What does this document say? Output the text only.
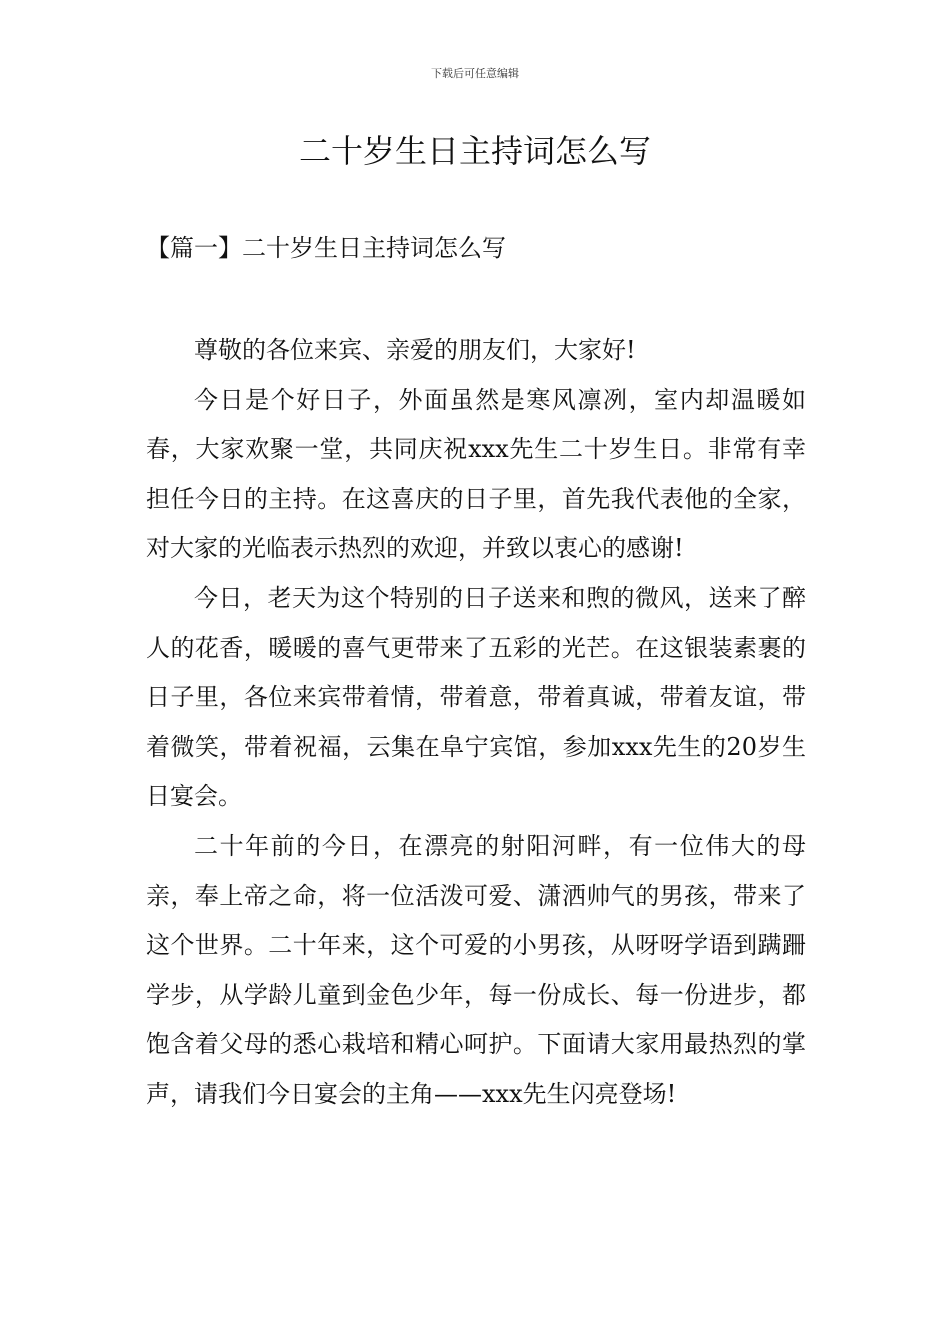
下载后可任意编辑
二十岁生日主持词怎么写
【篇一】二十岁生日主持词怎么写

尊敬的各位来宾、亲爱的朋友们，大家好!

今日是个好日子，外面虽然是寒风凛冽，室内却温暖如春，大家欢聚一堂，共同庆祝xxx先生二十岁生日。非常有幸担任今日的主持。在这喜庆的日子里，首先我代表他的全家，对大家的光临表示热烈的欢迎，并致以衷心的感谢!

今日，老天为这个特别的日子送来和煦的微风，送来了醉人的花香，暖暖的喜气更带来了五彩的光芒。在这银装素裹的日子里，各位来宾带着情，带着意，带着真诚，带着友谊，带着微笑，带着祝福，云集在阜宁宾馆，参加xxx先生的20岁生日宴会。

二十年前的今日，在漂亮的射阳河畔，有一位伟大的母亲，奉上帝之命，将一位活泼可爱、潇洒帅气的男孩，带来了这个世界。二十年来，这个可爱的小男孩，从呀呀学语到蹒跚学步，从学龄儿童到金色少年，每一份成长、每一份进步，都饱含着父母的悉心栽培和精心呵护。下面请大家用最热烈的掌声，请我们今日宴会的主角——xxx先生闪亮登场!
